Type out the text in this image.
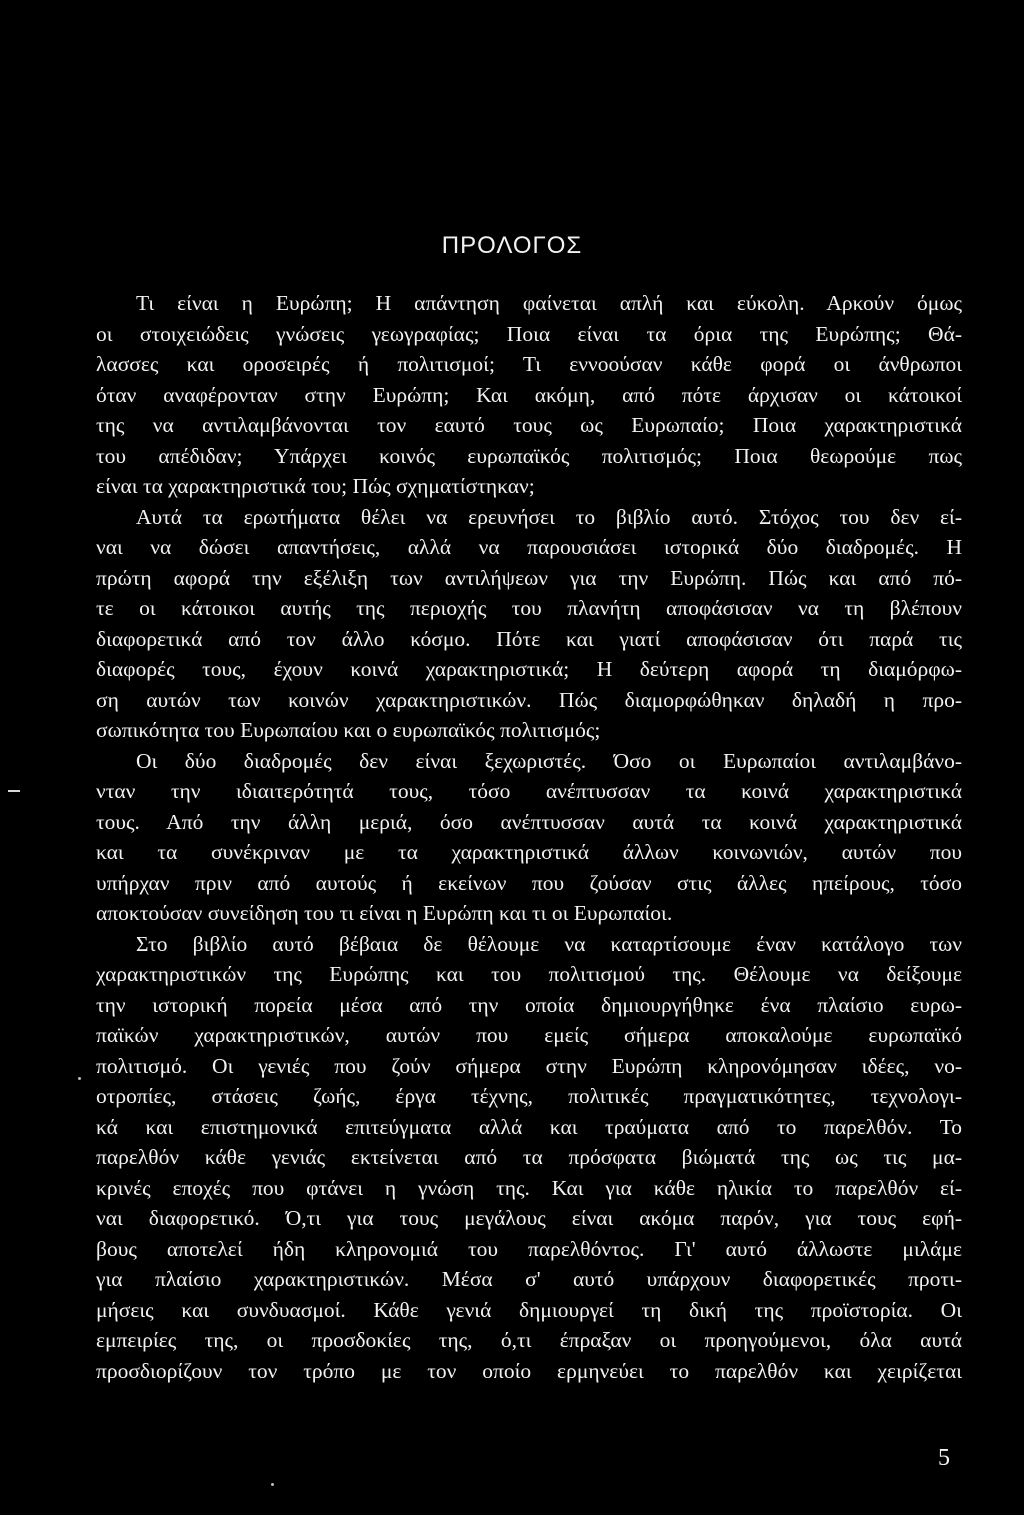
ΠΡΟΛΟΓΟΣ
Τι είναι η Ευρώπη; Η απάντηση φαίνεται απλή και εύκολη. Αρκούν όμως
οι στοιχειώδεις γνώσεις γεωγραφίας; Ποια είναι τα όρια της Ευρώπης; Θά-
λασσες και οροσειρές ή πολιτισμοί; Τι εννοούσαν κάθε φορά οι άνθρωποι
όταν αναφέρονταν στην Ευρώπη; Και ακόμη, από πότε άρχισαν οι κάτοικοί
της να αντιλαμβάνονται τον εαυτό τους ως Ευρωπαίο; Ποια χαρακτηριστικά
του απέδιδαν; Υπάρχει κοινός ευρωπαϊκός πολιτισμός; Ποια θεωρούμε πως
είναι τα χαρακτηριστικά του; Πώς σχηματίστηκαν;
Αυτά τα ερωτήματα θέλει να ερευνήσει το βιβλίο αυτό. Στόχος του δεν εί-
ναι να δώσει απαντήσεις, αλλά να παρουσιάσει ιστορικά δύο διαδρομές. Η
πρώτη αφορά την εξέλιξη των αντιλήψεων για την Ευρώπη. Πώς και από πό-
τε οι κάτοικοι αυτής της περιοχής του πλανήτη αποφάσισαν να τη βλέπουν
διαφορετικά από τον άλλο κόσμο. Πότε και γιατί αποφάσισαν ότι παρά τις
διαφορές τους, έχουν κοινά χαρακτηριστικά; Η δεύτερη αφορά τη διαμόρφω-
ση αυτών των κοινών χαρακτηριστικών. Πώς διαμορφώθηκαν δηλαδή η προ-
σωπικότητα του Ευρωπαίου και ο ευρωπαϊκός πολιτισμός;
Οι δύο διαδρομές δεν είναι ξεχωριστές. Όσο οι Ευρωπαίοι αντιλαμβάνο-
νταν την ιδιαιτερότητά τους, τόσο ανέπτυσσαν τα κοινά χαρακτηριστικά
τους. Από την άλλη μεριά, όσο ανέπτυσσαν αυτά τα κοινά χαρακτηριστικά
και τα συνέκριναν με τα χαρακτηριστικά άλλων κοινωνιών, αυτών που
υπήρχαν πριν από αυτούς ή εκείνων που ζούσαν στις άλλες ηπείρους, τόσο
αποκτούσαν συνείδηση του τι είναι η Ευρώπη και τι οι Ευρωπαίοι.
Στο βιβλίο αυτό βέβαια δε θέλουμε να καταρτίσουμε έναν κατάλογο των
χαρακτηριστικών της Ευρώπης και του πολιτισμού της. Θέλουμε να δείξουμε
την ιστορική πορεία μέσα από την οποία δημιουργήθηκε ένα πλαίσιο ευρω-
παϊκών χαρακτηριστικών, αυτών που εμείς σήμερα αποκαλούμε ευρωπαϊκό
πολιτισμό. Οι γενιές που ζούν σήμερα στην Ευρώπη κληρονόμησαν ιδέες, νο-
οτροπίες, στάσεις ζωής, έργα τέχνης, πολιτικές πραγματικότητες, τεχνολογι-
κά και επιστημονικά επιτεύγματα αλλά και τραύματα από το παρελθόν. Το
παρελθόν κάθε γενιάς εκτείνεται από τα πρόσφατα βιώματά της ως τις μα-
κρινές εποχές που φτάνει η γνώση της. Και για κάθε ηλικία το παρελθόν εί-
ναι διαφορετικό. Ό,τι για τους μεγάλους είναι ακόμα παρόν, για τους εφή-
βους αποτελεί ήδη κληρονομιά του παρελθόντος. Γι' αυτό άλλωστε μιλάμε
για πλαίσιο χαρακτηριστικών. Μέσα σ' αυτό υπάρχουν διαφορετικές προτι-
μήσεις και συνδυασμοί. Κάθε γενιά δημιουργεί τη δική της προϊστορία. Οι
εμπειρίες της, οι προσδοκίες της, ό,τι έπραξαν οι προηγούμενοι, όλα αυτά
προσδιορίζουν τον τρόπο με τον οποίο ερμηνεύει το παρελθόν και χειρίζεται
5
